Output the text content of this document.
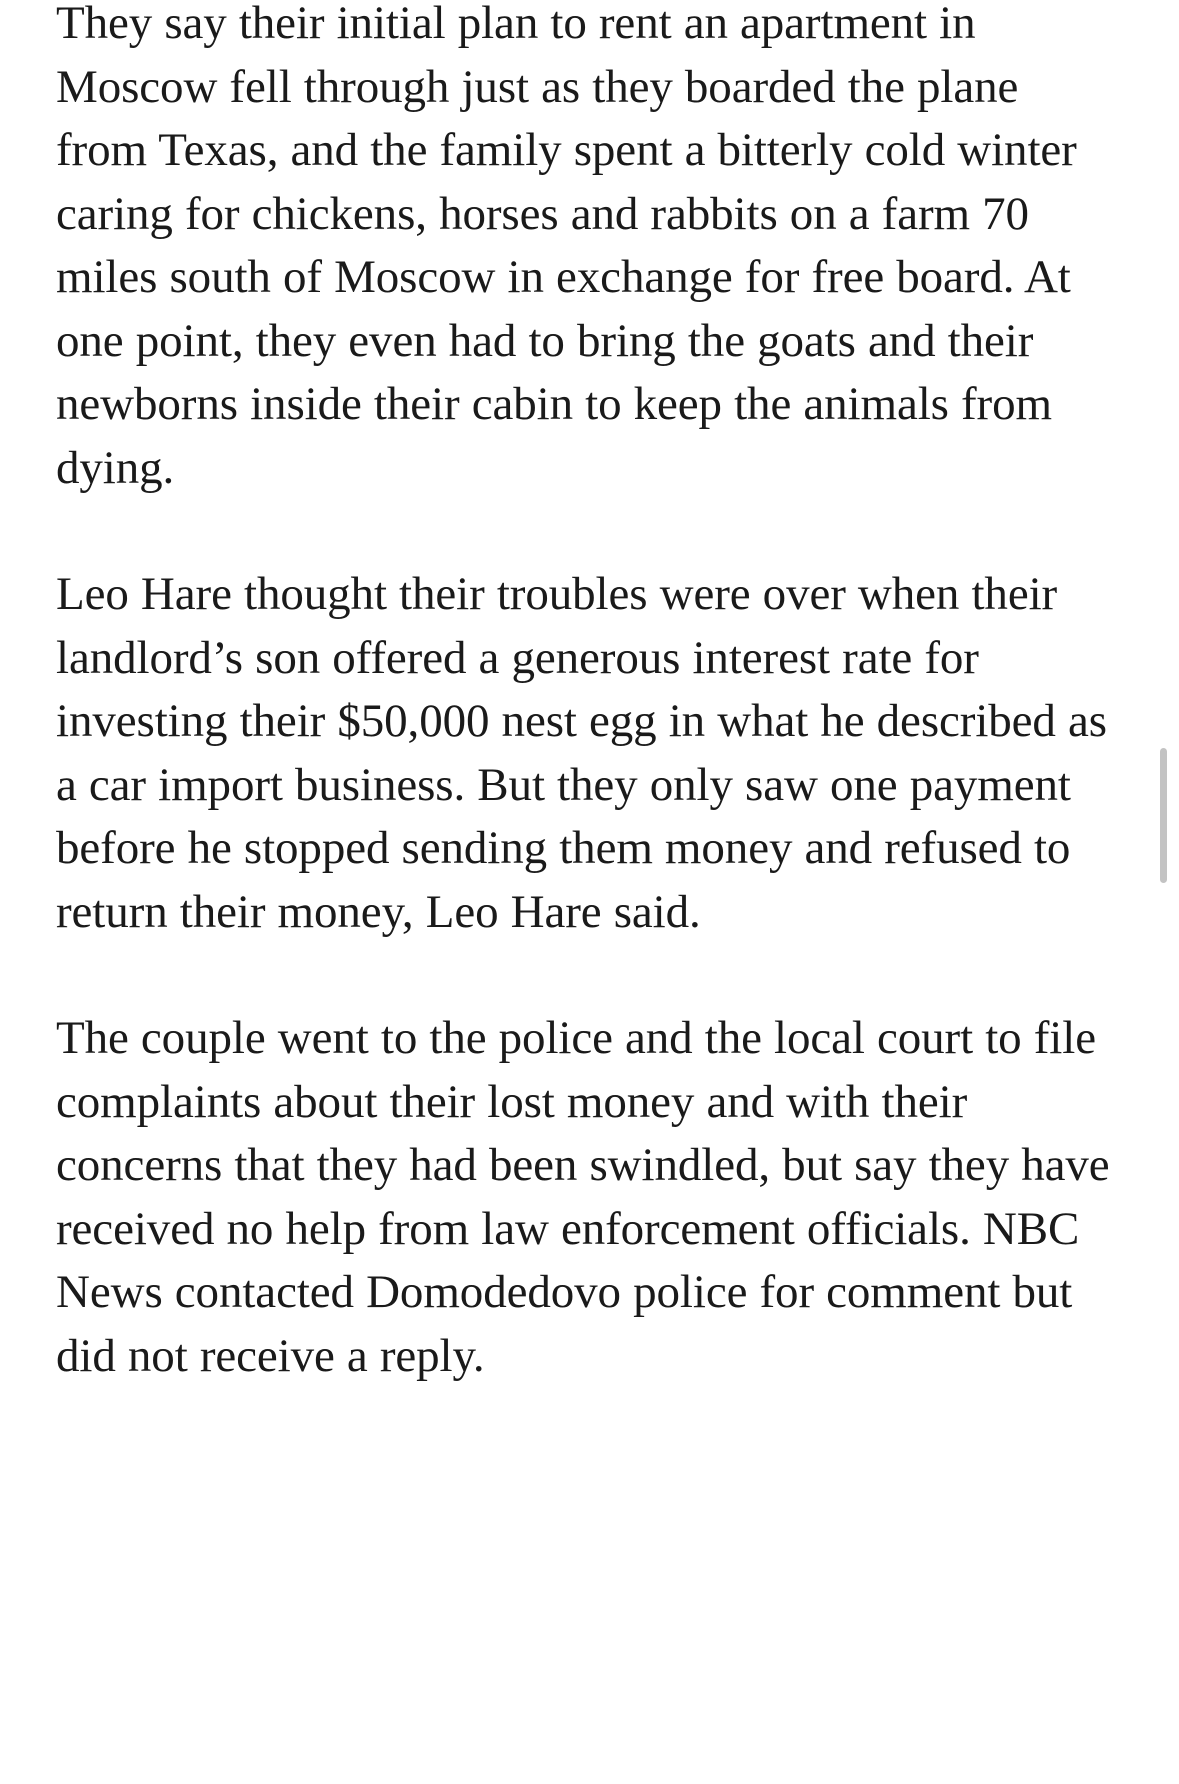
They say their initial plan to rent an apartment in Moscow fell through just as they boarded the plane from Texas, and the family spent a bitterly cold winter caring for chickens, horses and rabbits on a farm 70 miles south of Moscow in exchange for free board. At one point, they even had to bring the goats and their newborns inside their cabin to keep the animals from dying.

Leo Hare thought their troubles were over when their landlord’s son offered a generous interest rate for investing their $50,000 nest egg in what he described as a car import business. But they only saw one payment before he stopped sending them money and refused to return their money, Leo Hare said.

The couple went to the police and the local court to file complaints about their lost money and with their concerns that they had been swindled, but say they have received no help from law enforcement officials. NBC News contacted Domodedovo police for comment but did not receive a reply.
